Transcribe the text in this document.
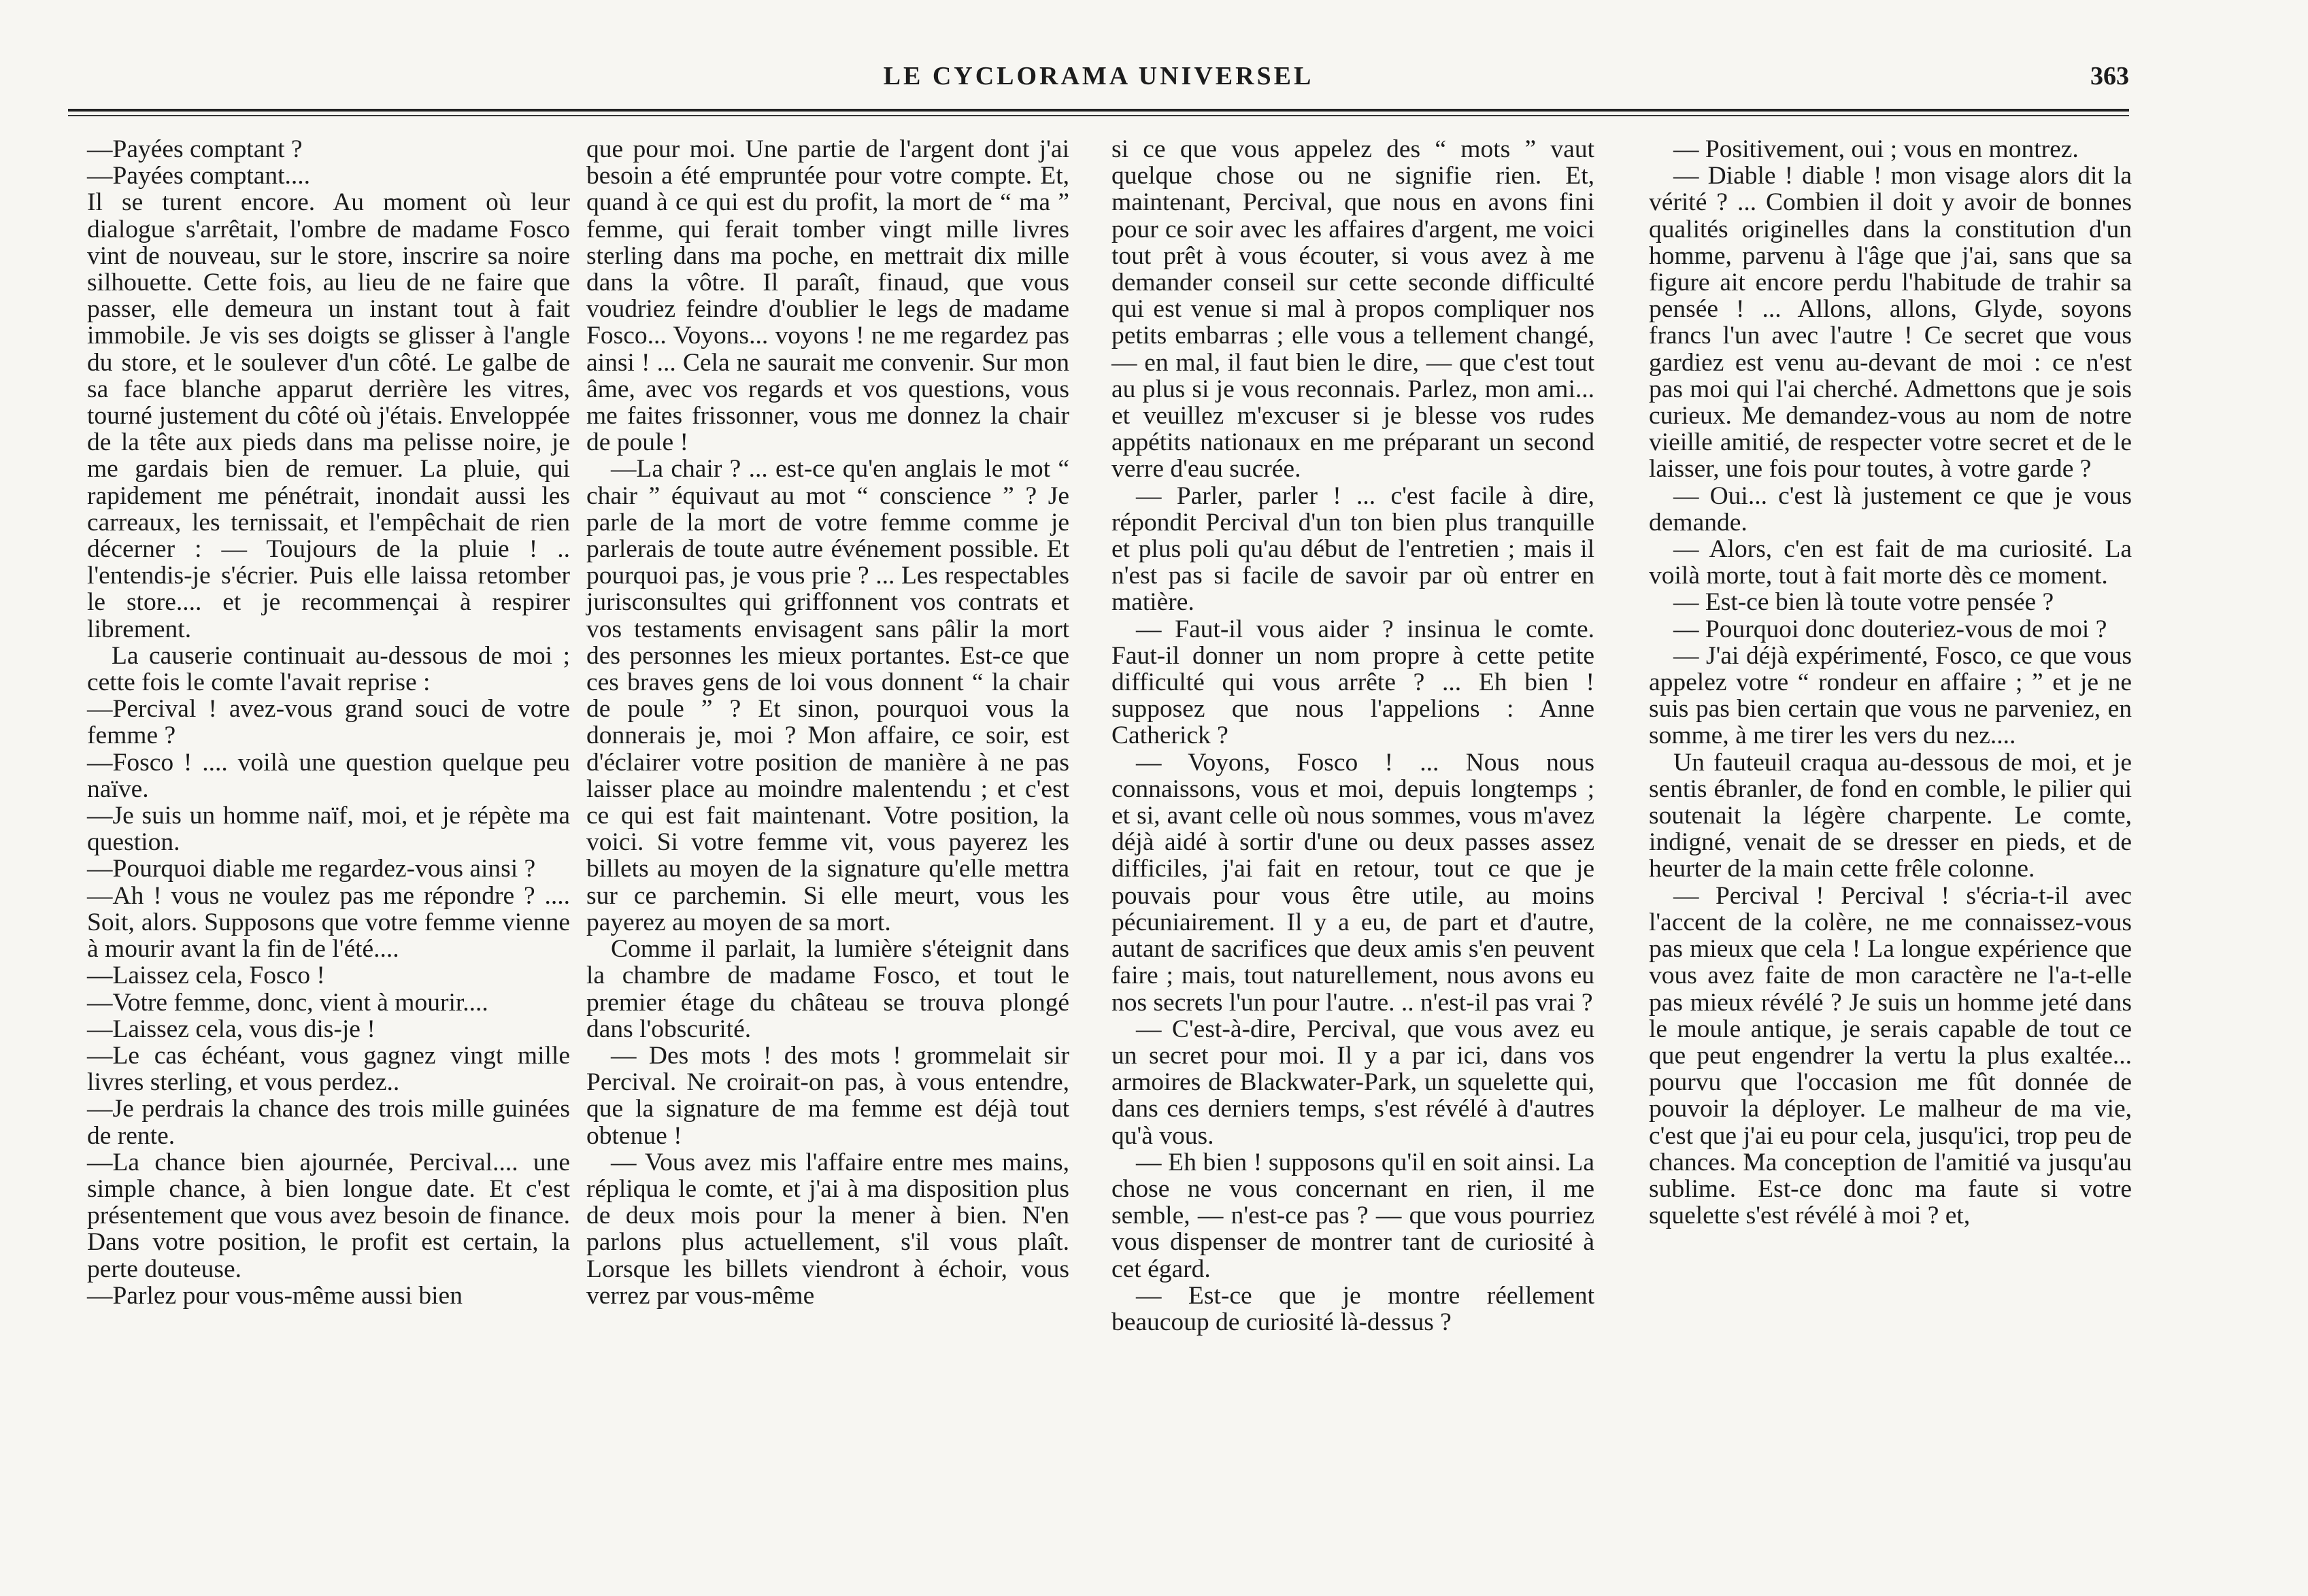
LE CYCLORAMA UNIVERSEL	363

—Payées comptant ?

—Payées comptant....

Il se turent encore. Au moment où leur dialogue s'arrêtait, l'ombre de madame Fosco vint de nouveau, sur le store, inscrire sa noire silhouette. Cette fois, au lieu de ne faire que passer, elle demeura un instant tout à fait immobile. Je vis ses doigts se glisser à l'angle du store, et le soulever d'un côté. Le galbe de sa face blanche apparut derrière les vitres, tourné justement du côté où j'étais. Enveloppée de la tête aux pieds dans ma pelisse noire, je me gardais bien de remuer. La pluie, qui rapidement me pénétrait, inondait aussi les carreaux, les ternissait, et l'empêchait de rien décerner : — Toujours de la pluie ! .. l'entendis-je s'écrier. Puis elle laissa retomber le store.... et je recommençai à respirer librement.

La causerie continuait au-dessous de moi ; cette fois le comte l'avait reprise :

—Percival ! avez-vous grand souci de votre femme ?

—Fosco ! .... voilà une question quelque peu naïve.

—Je suis un homme naïf, moi, et je répète ma question.

—Pourquoi diable me regardez-vous ainsi ?

—Ah ! vous ne voulez pas me répondre ? .... Soit, alors. Supposons que votre femme vienne à mourir avant la fin de l'été....

—Laissez cela, Fosco !

—Votre femme, donc, vient à mourir....

—Laissez cela, vous dis-je !

—Le cas échéant, vous gagnez vingt mille livres sterling, et vous perdez..

—Je perdrais la chance des trois mille guinées de rente.

—La chance bien ajournée, Percival.... une simple chance, à bien longue date. Et c'est présentement que vous avez besoin de finance. Dans votre position, le profit est certain, la perte douteuse.

—Parlez pour vous-même aussi bien

que pour moi. Une partie de l'argent dont j'ai besoin a été empruntée pour votre compte. Et, quand à ce qui est du profit, la mort de “ ma ” femme, qui ferait tomber vingt mille livres sterling dans ma poche, en mettrait dix mille dans la vôtre. Il paraît, finaud, que vous voudriez feindre d'oublier le legs de madame Fosco... Voyons... voyons ! ne me regardez pas ainsi ! ... Cela ne saurait me convenir. Sur mon âme, avec vos regards et vos questions, vous me faites frissonner, vous me donnez la chair de poule !

—La chair ? ... est-ce qu'en anglais le mot “ chair ” équivaut au mot “ conscience ” ? Je parle de la mort de votre femme comme je parlerais de toute autre événement possible. Et pourquoi pas, je vous prie ? ... Les respectables jurisconsultes qui griffonnent vos contrats et vos testaments envisagent sans pâlir la mort des personnes les mieux portantes. Est-ce que ces braves gens de loi vous donnent “ la chair de poule ” ? Et sinon, pourquoi vous la donnerais je, moi ? Mon affaire, ce soir, est d'éclairer votre position de manière à ne pas laisser place au moindre malentendu ; et c'est ce qui est fait maintenant. Votre position, la voici. Si votre femme vit, vous payerez les billets au moyen de la signature qu'elle mettra sur ce parchemin. Si elle meurt, vous les payerez au moyen de sa mort.

Comme il parlait, la lumière s'éteignit dans la chambre de madame Fosco, et tout le premier étage du château se trouva plongé dans l'obscurité.

— Des mots ! des mots ! grommelait sir Percival. Ne croirait-on pas, à vous entendre, que la signature de ma femme est déjà tout obtenue !

— Vous avez mis l'affaire entre mes mains, répliqua le comte, et j'ai à ma disposition plus de deux mois pour la mener à bien. N'en parlons plus actuellement, s'il vous plaît. Lorsque les billets viendront à échoir, vous verrez par vous-même

si ce que vous appelez des “ mots ” vaut quelque chose ou ne signifie rien. Et, maintenant, Percival, que nous en avons fini pour ce soir avec les affaires d'argent, me voici tout prêt à vous écouter, si vous avez à me demander conseil sur cette seconde difficulté qui est venue si mal à propos compliquer nos petits embarras ; elle vous a tellement changé, — en mal, il faut bien le dire, — que c'est tout au plus si je vous reconnais. Parlez, mon ami... et veuillez m'excuser si je blesse vos rudes appétits nationaux en me préparant un second verre d'eau sucrée.

— Parler, parler ! ... c'est facile à dire, répondit Percival d'un ton bien plus tranquille et plus poli qu'au début de l'entretien ; mais il n'est pas si facile de savoir par où entrer en matière.

— Faut-il vous aider ? insinua le comte. Faut-il donner un nom propre à cette petite difficulté qui vous arrête ? ... Eh bien ! supposez que nous l'appelions : Anne Catherick ?

— Voyons, Fosco ! ... Nous nous connaissons, vous et moi, depuis longtemps ; et si, avant celle où nous sommes, vous m'avez déjà aidé à sortir d'une ou deux passes assez difficiles, j'ai fait en retour, tout ce que je pouvais pour vous être utile, au moins pécuniairement. Il y a eu, de part et d'autre, autant de sacrifices que deux amis s'en peuvent faire ; mais, tout naturellement, nous avons eu nos secrets l'un pour l'autre. .. n'est-il pas vrai ?

— C'est-à-dire, Percival, que vous avez eu un secret pour moi. Il y a par ici, dans vos armoires de Blackwater-Park, un squelette qui, dans ces derniers temps, s'est révélé à d'autres qu'à vous.

— Eh bien ! supposons qu'il en soit ainsi. La chose ne vous concernant en rien, il me semble, — n'est-ce pas ? — que vous pourriez vous dispenser de montrer tant de curiosité à cet égard.

— Est-ce que je montre réellement beaucoup de curiosité là-dessus ?

— Positivement, oui ; vous en montrez.

— Diable ! diable ! mon visage alors dit la vérité ? ... Combien il doit y avoir de bonnes qualités originelles dans la constitution d'un homme, parvenu à l'âge que j'ai, sans que sa figure ait encore perdu l'habitude de trahir sa pensée ! ... Allons, allons, Glyde, soyons francs l'un avec l'autre ! Ce secret que vous gardiez est venu au-devant de moi : ce n'est pas moi qui l'ai cherché. Admettons que je sois curieux. Me demandez-vous au nom de notre vieille amitié, de respecter votre secret et de le laisser, une fois pour toutes, à votre garde ?

— Oui... c'est là justement ce que je vous demande.

— Alors, c'en est fait de ma curiosité. La voilà morte, tout à fait morte dès ce moment.

— Est-ce bien là toute votre pensée ?

— Pourquoi donc douteriez-vous de moi ?

— J'ai déjà expérimenté, Fosco, ce que vous appelez votre “ rondeur en affaire ; ” et je ne suis pas bien certain que vous ne parveniez, en somme, à me tirer les vers du nez....

Un fauteuil craqua au-dessous de moi, et je sentis ébranler, de fond en comble, le pilier qui soutenait la légère charpente. Le comte, indigné, venait de se dresser en pieds, et de heurter de la main cette frêle colonne.

— Percival ! Percival ! s'écria-t-il avec l'accent de la colère, ne me connaissez-vous pas mieux que cela ! La longue expérience que vous avez faite de mon caractère ne l'a-t-elle pas mieux révélé ? Je suis un homme jeté dans le moule antique, je serais capable de tout ce que peut engendrer la vertu la plus exaltée... pourvu que l'occasion me fût donnée de pouvoir la déployer. Le malheur de ma vie, c'est que j'ai eu pour cela, jusqu'ici, trop peu de chances. Ma conception de l'amitié va jusqu'au sublime. Est-ce donc ma faute si votre squelette s'est révélé à moi ? et,
